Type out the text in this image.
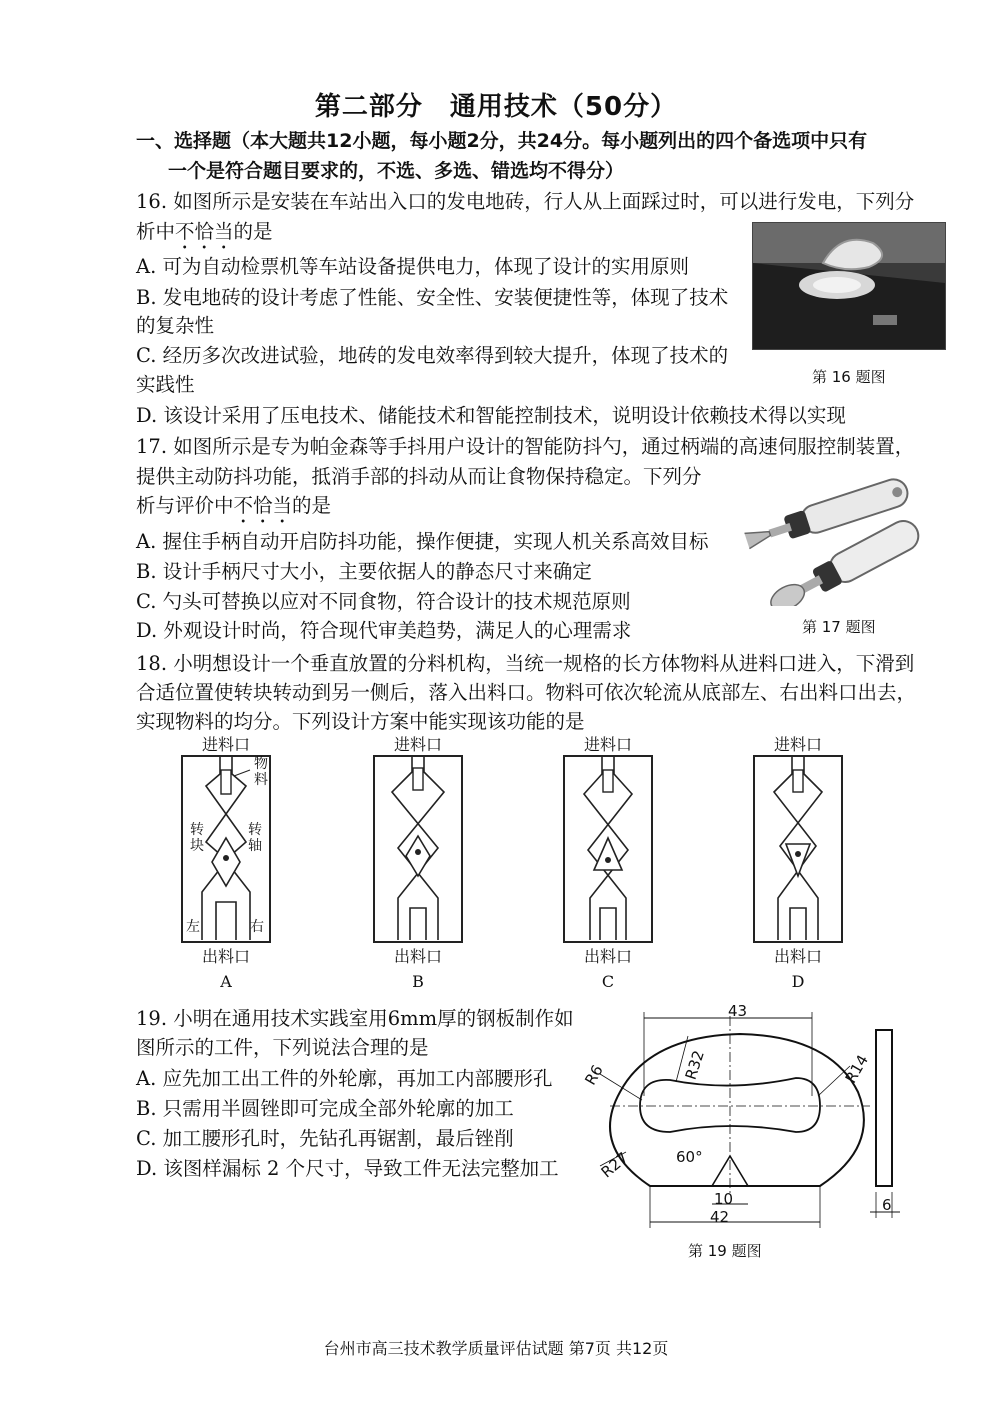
第二部分　通用技术（50分）
一、选择题（本大题共12小题，每小题2分，共24分。每小题列出的四个备选项中只有
一个是符合题目要求的，不选、多选、错选均不得分）
16. 如图所示是安装在车站出入口的发电地砖，行人从上面踩过时，可以进行发电，下列分
析中不恰当的是
A. 可为自动检票机等车站设备提供电力，体现了设计的实用原则
B. 发电地砖的设计考虑了性能、安全性、安装便捷性等，体现了技术
的复杂性
C. 经历多次改进试验，地砖的发电效率得到较大提升，体现了技术的
实践性
D. 该设计采用了压电技术、储能技术和智能控制技术，说明设计依赖技术得以实现
第 16 题图
17. 如图所示是专为帕金森等手抖用户设计的智能防抖勺，通过柄端的高速伺服控制装置，
提供主动防抖功能，抵消手部的抖动从而让食物保持稳定。下列分
析与评价中不恰当的是
A. 握住手柄自动开启防抖功能，操作便捷，实现人机关系高效目标
B. 设计手柄尺寸大小，主要依据人的静态尺寸来确定
C. 勺头可替换以应对不同食物，符合设计的技术规范原则
D. 外观设计时尚，符合现代审美趋势，满足人的心理需求	第 17 题图
18. 小明想设计一个垂直放置的分料机构，当统一规格的长方体物料从进料口进入，下滑到
合适位置使转块转动到另一侧后，落入出料口。物料可依次轮流从底部左、右出料口出去，
实现物料的均分。下列设计方案中能实现该功能的是
进料口
物料
转块
转轴
左	右
出料口
A
进料口
出料口
B
进料口
出料口
C
进料口
出料口
D
19. 小明在通用技术实践室用6mm厚的钢板制作如
图所示的工件，下列说法合理的是
A. 应先加工出工件的外轮廓，再加工内部腰形孔
B. 只需用半圆锉即可完成全部外轮廓的加工
C. 加工腰形孔时，先钻孔再锯割，最后锉削
D. 该图样漏标 2 个尺寸，导致工件无法完整加工
43
R32
R6	R14
R27	60°
10
42
6
第 19 题图
台州市高三技术教学质量评估试题 第7页 共12页
